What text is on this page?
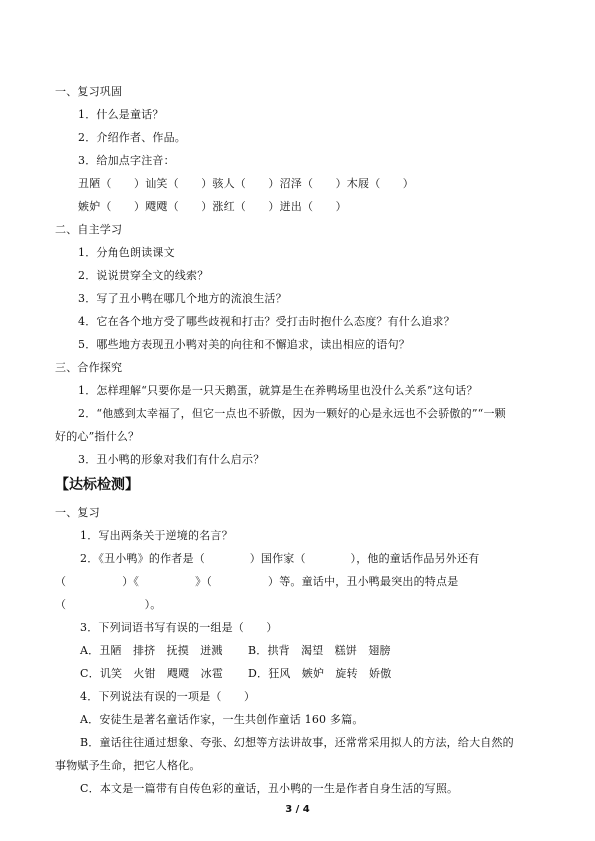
一、复习巩固
1．什么是童话？
2．介绍作者、作品。
3．给加点字注音：
丑陋（　　）讪笑（　　）骇人（　　）沼泽（　　）木屐（　　）
嫉妒（　　）飕飕（　　）涨红（　　）迸出（　　）
二、自主学习
1．分角色朗读课文
2．说说贯穿全文的线索？
3．写了丑小鸭在哪几个地方的流浪生活？
4．它在各个地方受了哪些歧视和打击？受打击时抱什么态度？有什么追求？
5．哪些地方表现丑小鸭对美的向往和不懈追求，读出相应的语句？
三、合作探究
1．怎样理解“只要你是一只天鹅蛋，就算是生在养鸭场里也没什么关系”这句话？
2．“他感到太幸福了，但它一点也不骄傲，因为一颗好的心是永远也不会骄傲的”“一颗
好的心”指什么？
3．丑小鸭的形象对我们有什么启示？
【达标检测】
一、复习
1．写出两条关于逆境的名言？
2．《丑小鸭》的作者是（　　　　）国作家（　　　　），他的童话作品另外还有
（　　　　　）《　　　　　》（　　　　　）等。童话中，丑小鸭最突出的特点是
（　　　　　　　）。
3．下列词语书写有误的一组是（　　）
A．丑陋　排挤　抚摸　迸溅	B．拱背　渴望　糕饼　翅膀
C．讥笑　火钳　飕飕　冰雹	D．狂风　嫉妒　旋转　娇傲
4．下列说法有误的一项是（　　）
A．安徒生是著名童话作家，一生共创作童话 160 多篇。
B．童话往往通过想象、夸张、幻想等方法讲故事，还常常采用拟人的方法，给大自然的
事物赋予生命，把它人格化。
C．本文是一篇带有自传色彩的童话，丑小鸭的一生是作者自身生活的写照。
3 / 4
